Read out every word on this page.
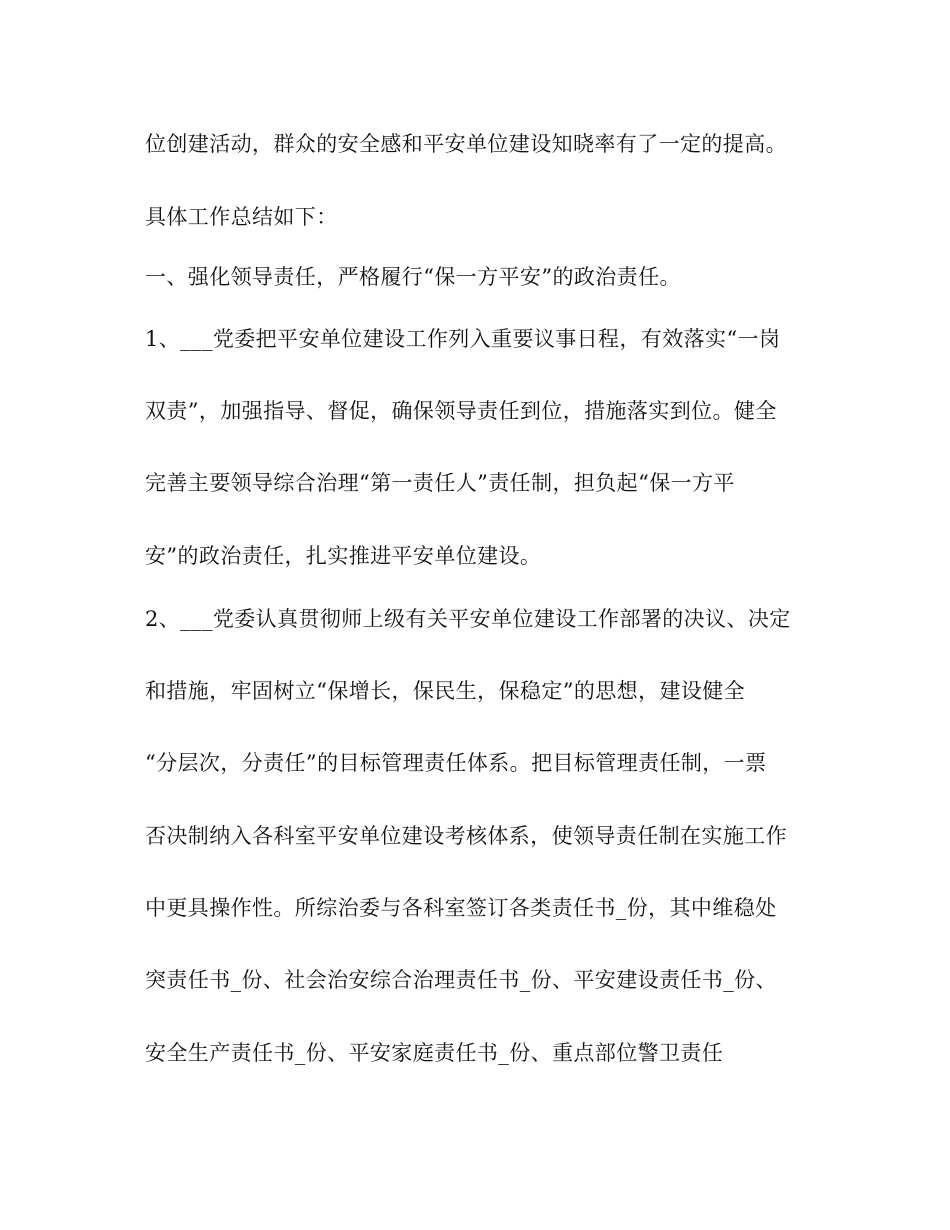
位创建活动，群众的安全感和平安单位建设知晓率有了一定的提高。
具体工作总结如下：
一、强化领导责任，严格履行“保一方平安”的政治责任。
1、___党委把平安单位建设工作列入重要议事日程，有效落实“一岗
双责”，加强指导、督促，确保领导责任到位，措施落实到位。健全
完善主要领导综合治理“第一责任人”责任制，担负起“保一方平
安”的政治责任，扎实推进平安单位建设。
2、___党委认真贯彻师上级有关平安单位建设工作部署的决议、决定
和措施，牢固树立“保增长，保民生，保稳定”的思想，建设健全
“分层次，分责任”的目标管理责任体系。把目标管理责任制，一票
否决制纳入各科室平安单位建设考核体系，使领导责任制在实施工作
中更具操作性。所综治委与各科室签订各类责任书_份，其中维稳处
突责任书_份、社会治安综合治理责任书_份、平安建设责任书_份、
安全生产责任书_份、平安家庭责任书_份、重点部位警卫责任
